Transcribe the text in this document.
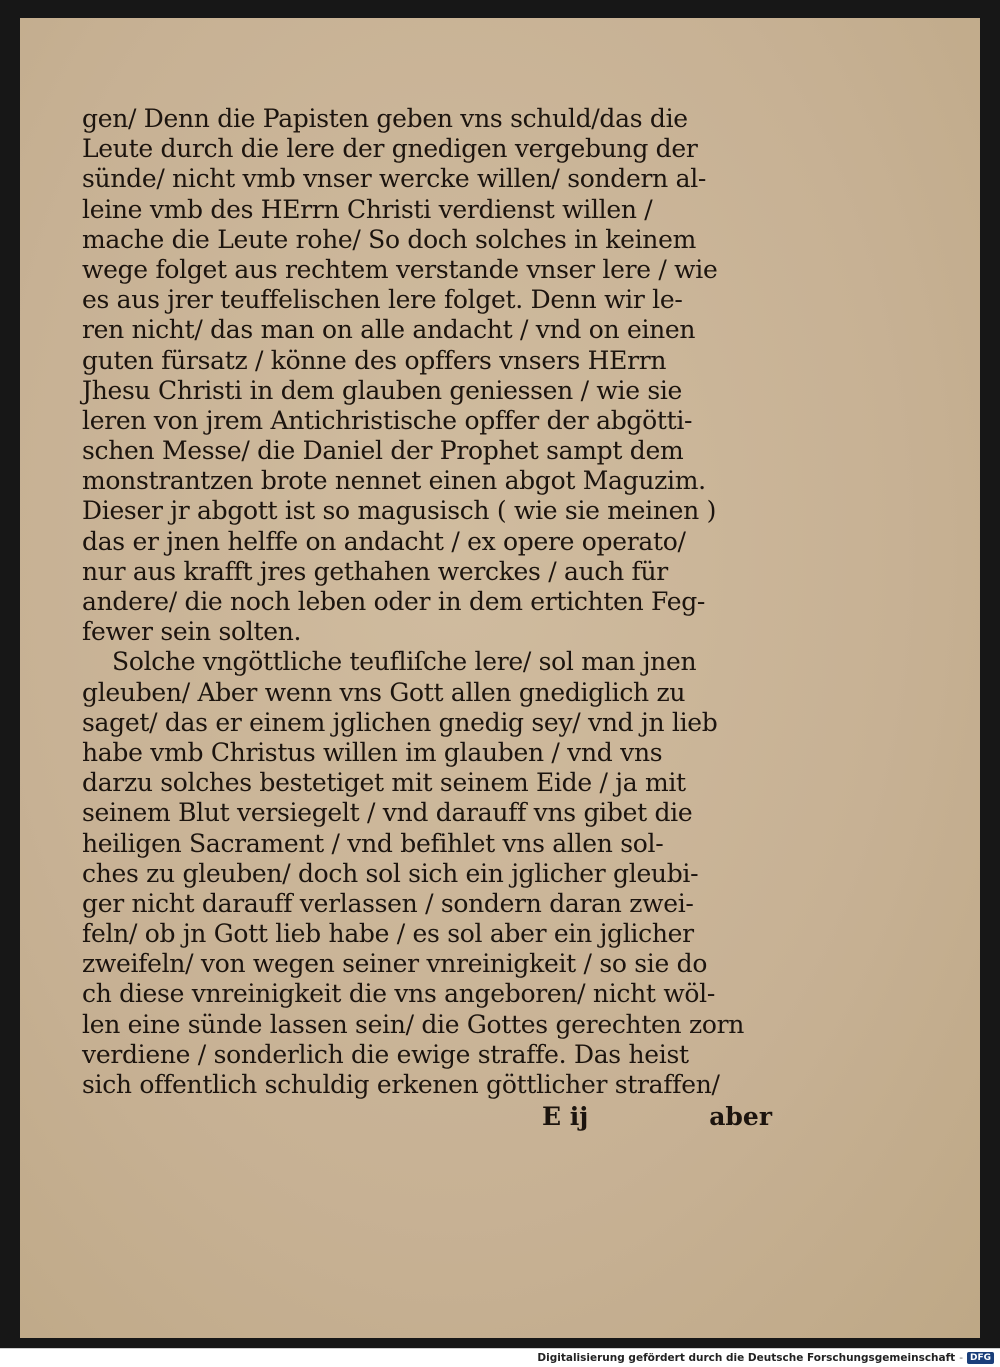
gen/ Denn die Papisten geben vns schuld/das die
Leute durch die lere der gnedigen vergebung der
sünde/ nicht vmb vnser wercke willen/ sondern al-
leine vmb des HErrn Christi verdienst willen /
mache die Leute rohe/ So doch solches in keinem
wege folget aus rechtem verstande vnser lere / wie
es aus jrer teuffelischen lere folget. Denn wir le-
ren nicht/ das man on alle andacht / vnd on einen
guten fürsatz / könne des opffers vnsers HErrn
Jhesu Christi in dem glauben geniessen / wie sie
leren von jrem Antichristische opffer der abgötti-
schen Messe/ die Daniel der Prophet sampt dem
monstrantzen brote nennet einen abgot Maguzim.
Dieser jr abgott ist so magusisch ( wie sie meinen )
das er jnen helffe on andacht / ex opere operato/
nur aus krafft jres gethahen werckes / auch für
andere/ die noch leben oder in dem ertichten Feg-
fewer sein solten.
Solche vngöttliche teufliſche lere/ sol man jnen
gleuben/ Aber wenn vns Gott allen gnediglich zu
saget/ das er einem jglichen gnedig sey/ vnd jn lieb
habe vmb Christus willen im glauben / vnd vns
darzu solches bestetiget mit seinem Eide / ja mit
seinem Blut versiegelt / vnd darauff vns gibet die
heiligen Sacrament / vnd befihlet vns allen sol-
ches zu gleuben/ doch sol sich ein jglicher gleubi-
ger nicht darauff verlassen / sondern daran zwei-
feln/ ob jn Gott lieb habe / es sol aber ein jglicher
zweifeln/ von wegen seiner vnreinigkeit / so sie do
ch diese vnreinigkeit die vns angeboren/ nicht wöl-
len eine sünde lassen sein/ die Gottes gerechten zorn
verdiene / sonderlich die ewige straffe. Das heist
sich offentlich schuldig erkenen göttlicher straffen/
E ij	aber
Digitalisierung gefördert durch die Deutsche Forschungsgemeinschaft - DFG
